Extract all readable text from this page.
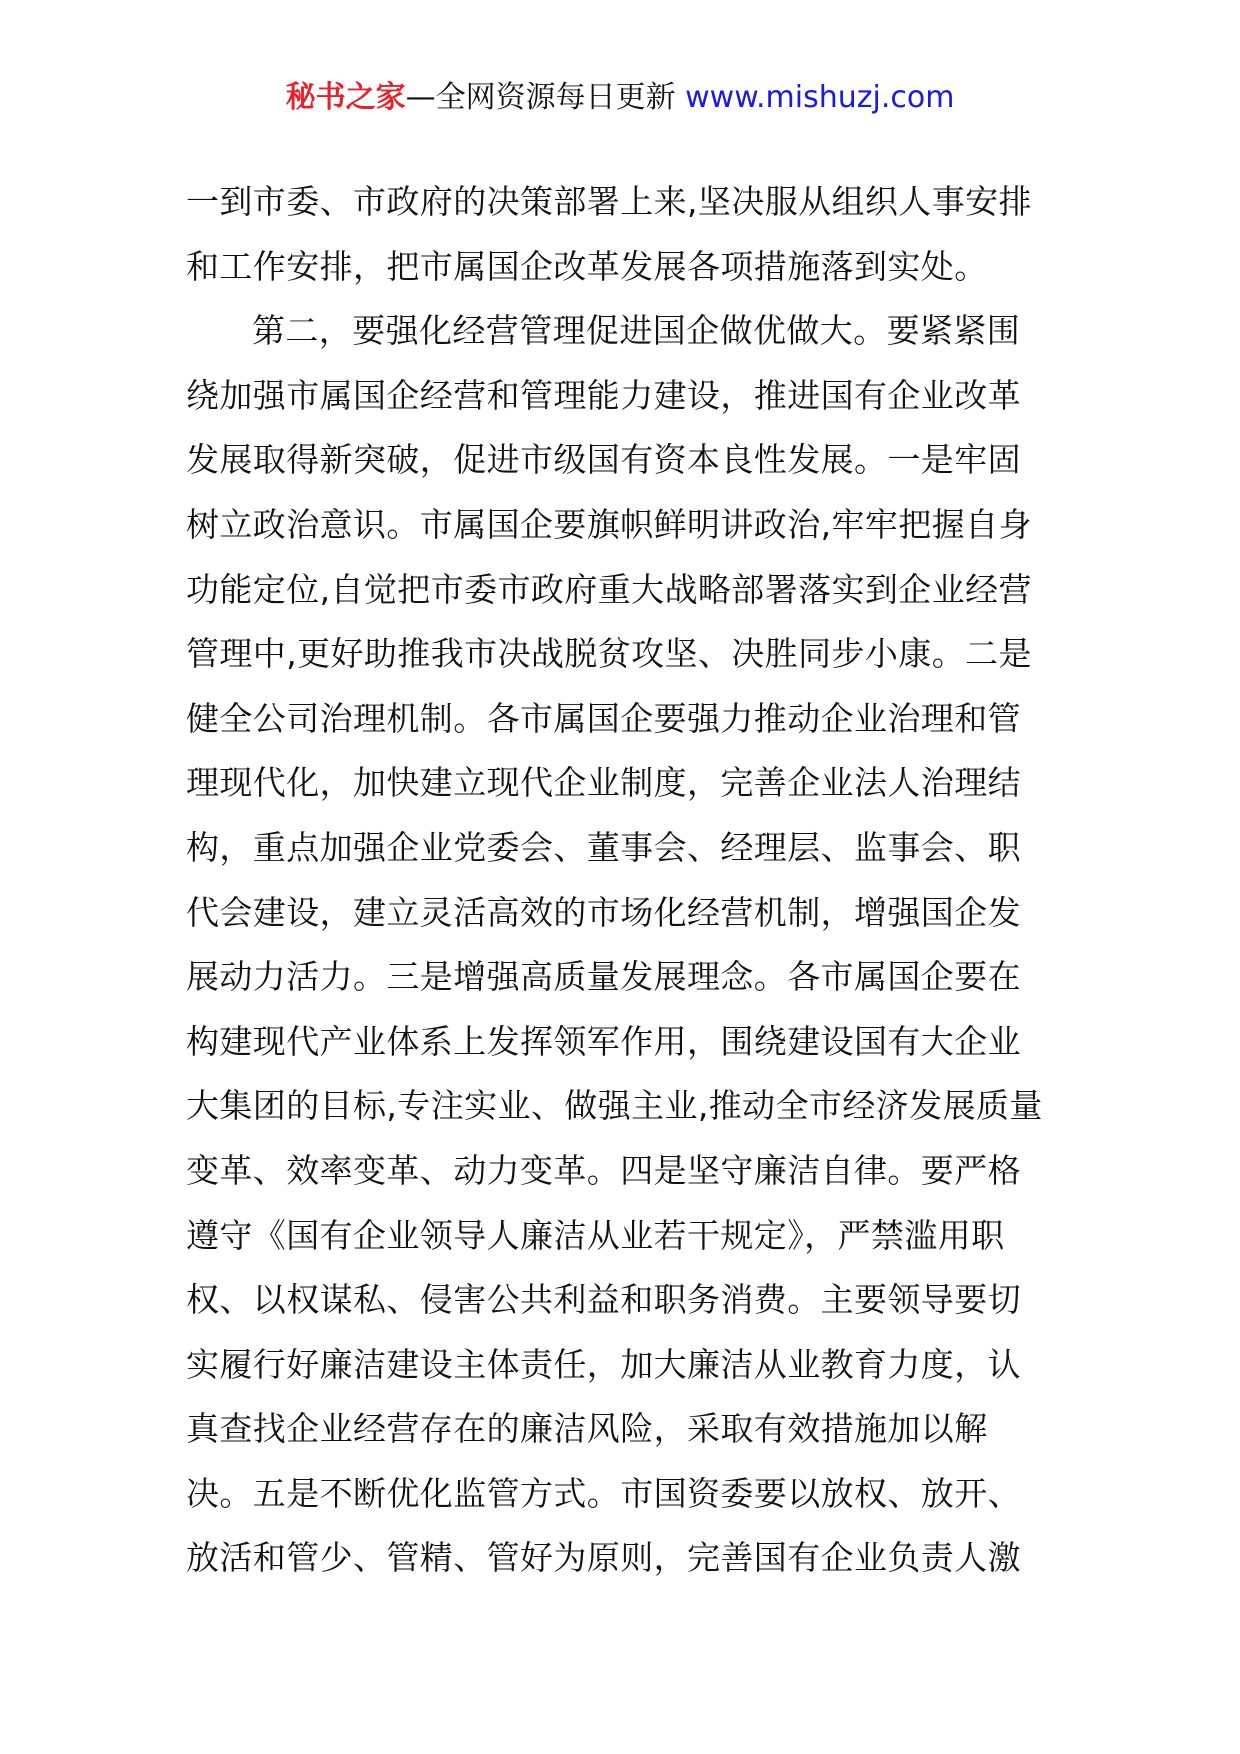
秘书之家—全网资源每日更新 www.mishuzj.com
一到市委、市政府的决策部署上来,坚决服从组织人事安排
和工作安排，把市属国企改革发展各项措施落到实处。
第二，要强化经营管理促进国企做优做大。要紧紧围
绕加强市属国企经营和管理能力建设，推进国有企业改革
发展取得新突破，促进市级国有资本良性发展。一是牢固
树立政治意识。市属国企要旗帜鲜明讲政治,牢牢把握自身
功能定位,自觉把市委市政府重大战略部署落实到企业经营
管理中,更好助推我市决战脱贫攻坚、决胜同步小康。二是
健全公司治理机制。各市属国企要强力推动企业治理和管
理现代化，加快建立现代企业制度，完善企业法人治理结
构，重点加强企业党委会、董事会、经理层、监事会、职
代会建设，建立灵活高效的市场化经营机制，增强国企发
展动力活力。三是增强高质量发展理念。各市属国企要在
构建现代产业体系上发挥领军作用，围绕建设国有大企业
大集团的目标,专注实业、做强主业,推动全市经济发展质量
变革、效率变革、动力变革。四是坚守廉洁自律。要严格
遵守《国有企业领导人廉洁从业若干规定》，严禁滥用职
权、以权谋私、侵害公共利益和职务消费。主要领导要切
实履行好廉洁建设主体责任，加大廉洁从业教育力度，认
真查找企业经营存在的廉洁风险，采取有效措施加以解
决。五是不断优化监管方式。市国资委要以放权、放开、
放活和管少、管精、管好为原则，完善国有企业负责人激
